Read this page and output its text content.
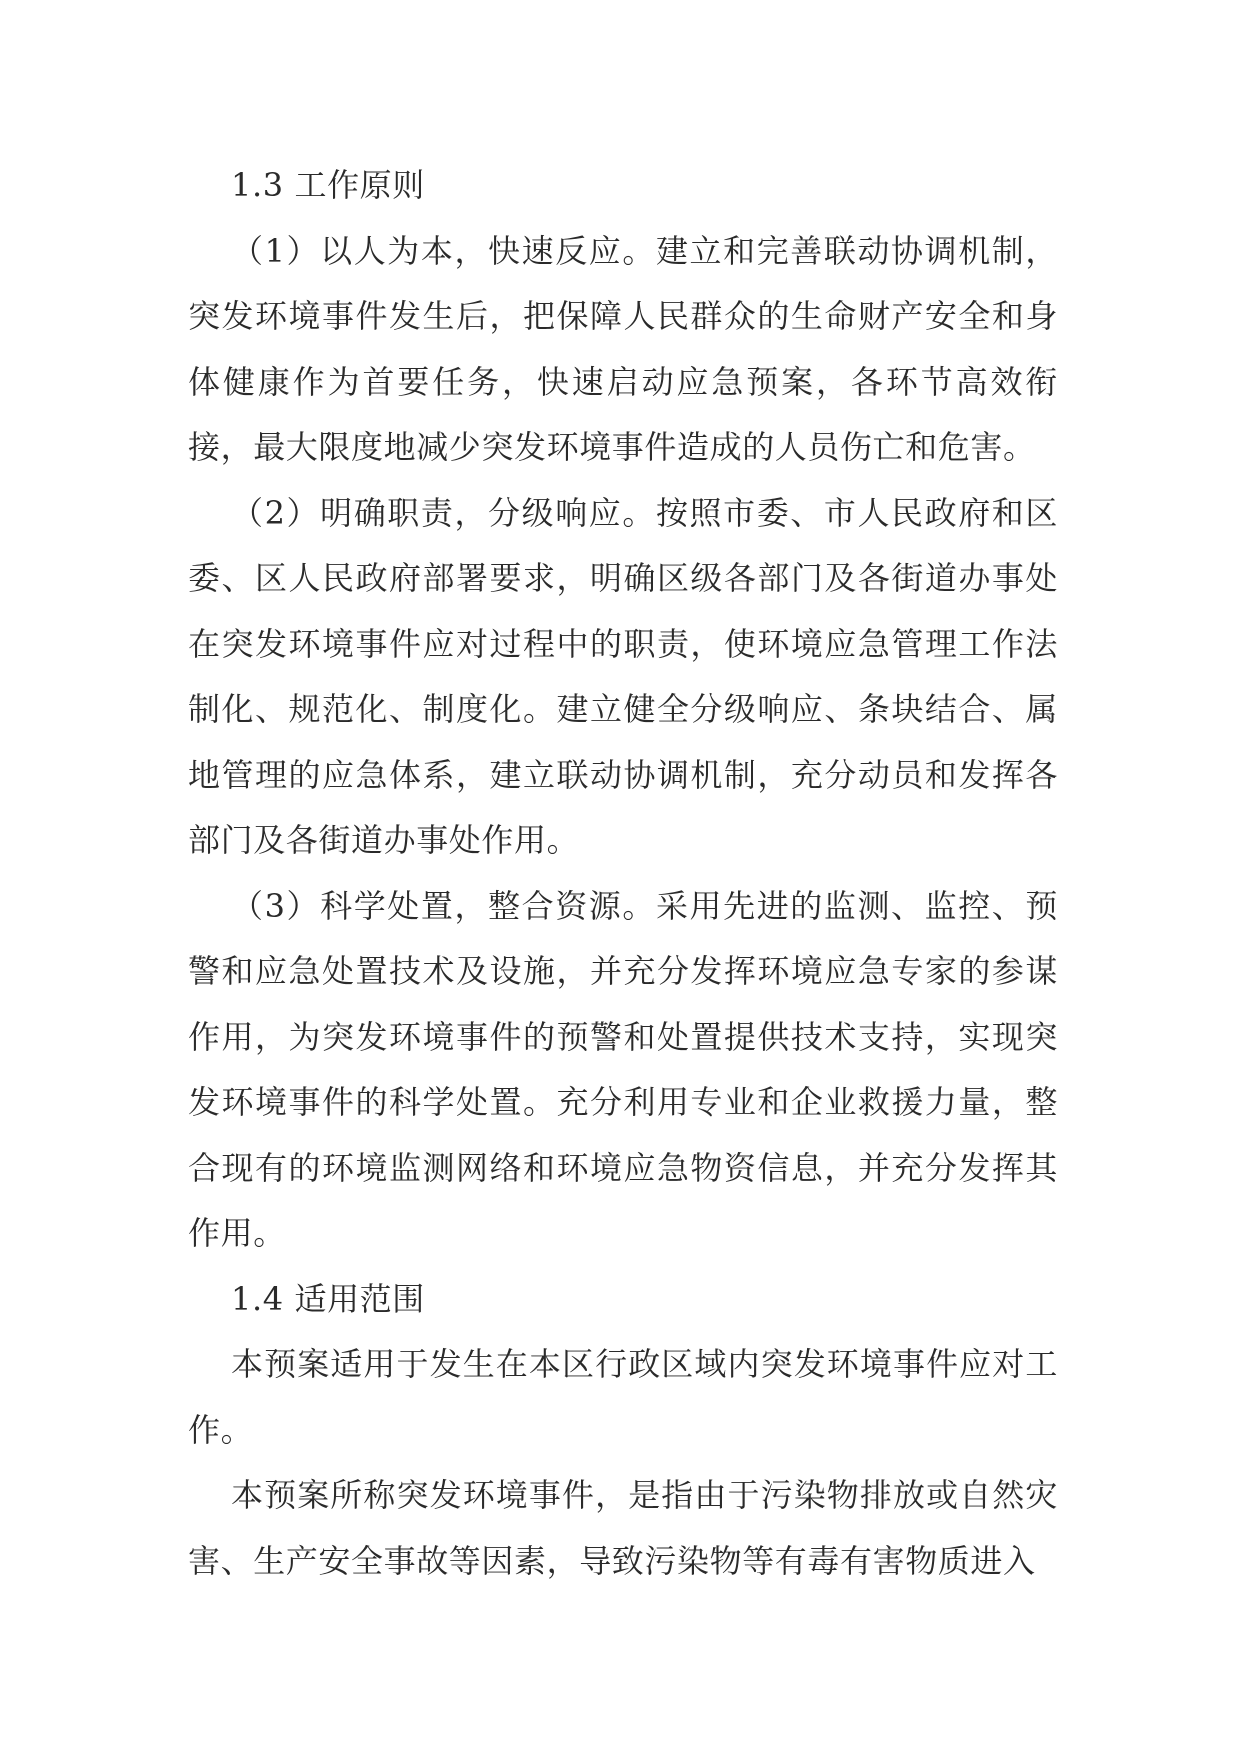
1.3 工作原则

（1）以人为本，快速反应。建立和完善联动协调机制，突发环境事件发生后，把保障人民群众的生命财产安全和身体健康作为首要任务，快速启动应急预案，各环节高效衔接，最大限度地减少突发环境事件造成的人员伤亡和危害。

（2）明确职责，分级响应。按照市委、市人民政府和区委、区人民政府部署要求，明确区级各部门及各街道办事处在突发环境事件应对过程中的职责，使环境应急管理工作法制化、规范化、制度化。建立健全分级响应、条块结合、属地管理的应急体系，建立联动协调机制，充分动员和发挥各部门及各街道办事处作用。

（3）科学处置，整合资源。采用先进的监测、监控、预警和应急处置技术及设施，并充分发挥环境应急专家的参谋作用，为突发环境事件的预警和处置提供技术支持，实现突发环境事件的科学处置。充分利用专业和企业救援力量，整合现有的环境监测网络和环境应急物资信息，并充分发挥其作用。

1.4 适用范围

本预案适用于发生在本区行政区域内突发环境事件应对工作。

本预案所称突发环境事件，是指由于污染物排放或自然灾害、生产安全事故等因素，导致污染物等有毒有害物质进入
